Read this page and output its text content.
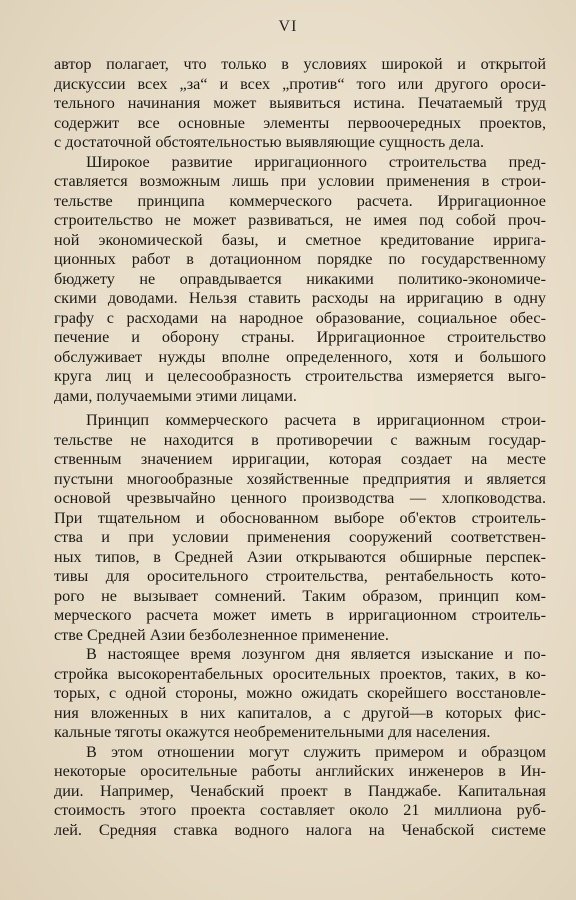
VI
автор полагает, что только в условиях широкой и открытой
дискуссии всех „за“ и всех „против“ того или другого ороси-
тельного начинания может выявиться истина. Печатаемый труд
содержит все основные элементы первоочередных проектов,
с достаточной обстоятельностью выявляющие сущность дела.
Широкое развитие ирригационного строительства пред-
ставляется возможным лишь при условии применения в строи-
тельстве принципа коммерческого расчета. Ирригационное
строительство не может развиваться, не имея под собой проч-
ной экономической базы, и сметное кредитование ирригa-
ционных работ в дотационном порядке по государственному
бюджету не оправдывается никакими политико-экономиче-
скими доводами. Нельзя ставить расходы на ирригацию в одну
графу с расходами на народное образование, социальное обес-
печение и оборону страны. Ирригационное строительство
обслуживает нужды вполне определенного, хотя и большого
круга лиц и целесообразность строительства измеряется выго-
дами, получаемыми этими лицами.
Принцип коммерческого расчета в ирригационном строи-
тельстве не находится в противоречии с важным государ-
ственным значением ирригации, которая создает на месте
пустыни многообразные хозяйственные предприятия и является
основой чрезвычайно ценного производства — хлопководства.
При тщательном и обоснованном выборе об'ектов строитель-
ства и при условии применения сооружений соответствен-
ных типов, в Средней Азии открываются обширные перспек-
тивы для оросительного строительства, рентабельность кото-
рого не вызывает сомнений. Таким образом, принцип ком-
мерческого расчета может иметь в ирригационном строитель-
стве Средней Азии безболезненное применение.
В настоящее время лозунгом дня является изыскание и по-
стройка высокорентабельных оросительных проектов, таких, в ко-
торых, с одной стороны, можно ожидать скорейшего восстановле-
ния вложенных в них капиталов, а с другой—в которых фис-
кальные тяготы окажутся необременительными для населения.
В этом отношении могут служить примером и образцом
некоторые оросительные работы английских инженеров в Ин-
дии. Например, Ченабский проект в Панджабе. Капитальная
стоимость этого проекта составляет около 21 миллиона руб-
лей. Средняя ставка водного налога на Ченабской системе
